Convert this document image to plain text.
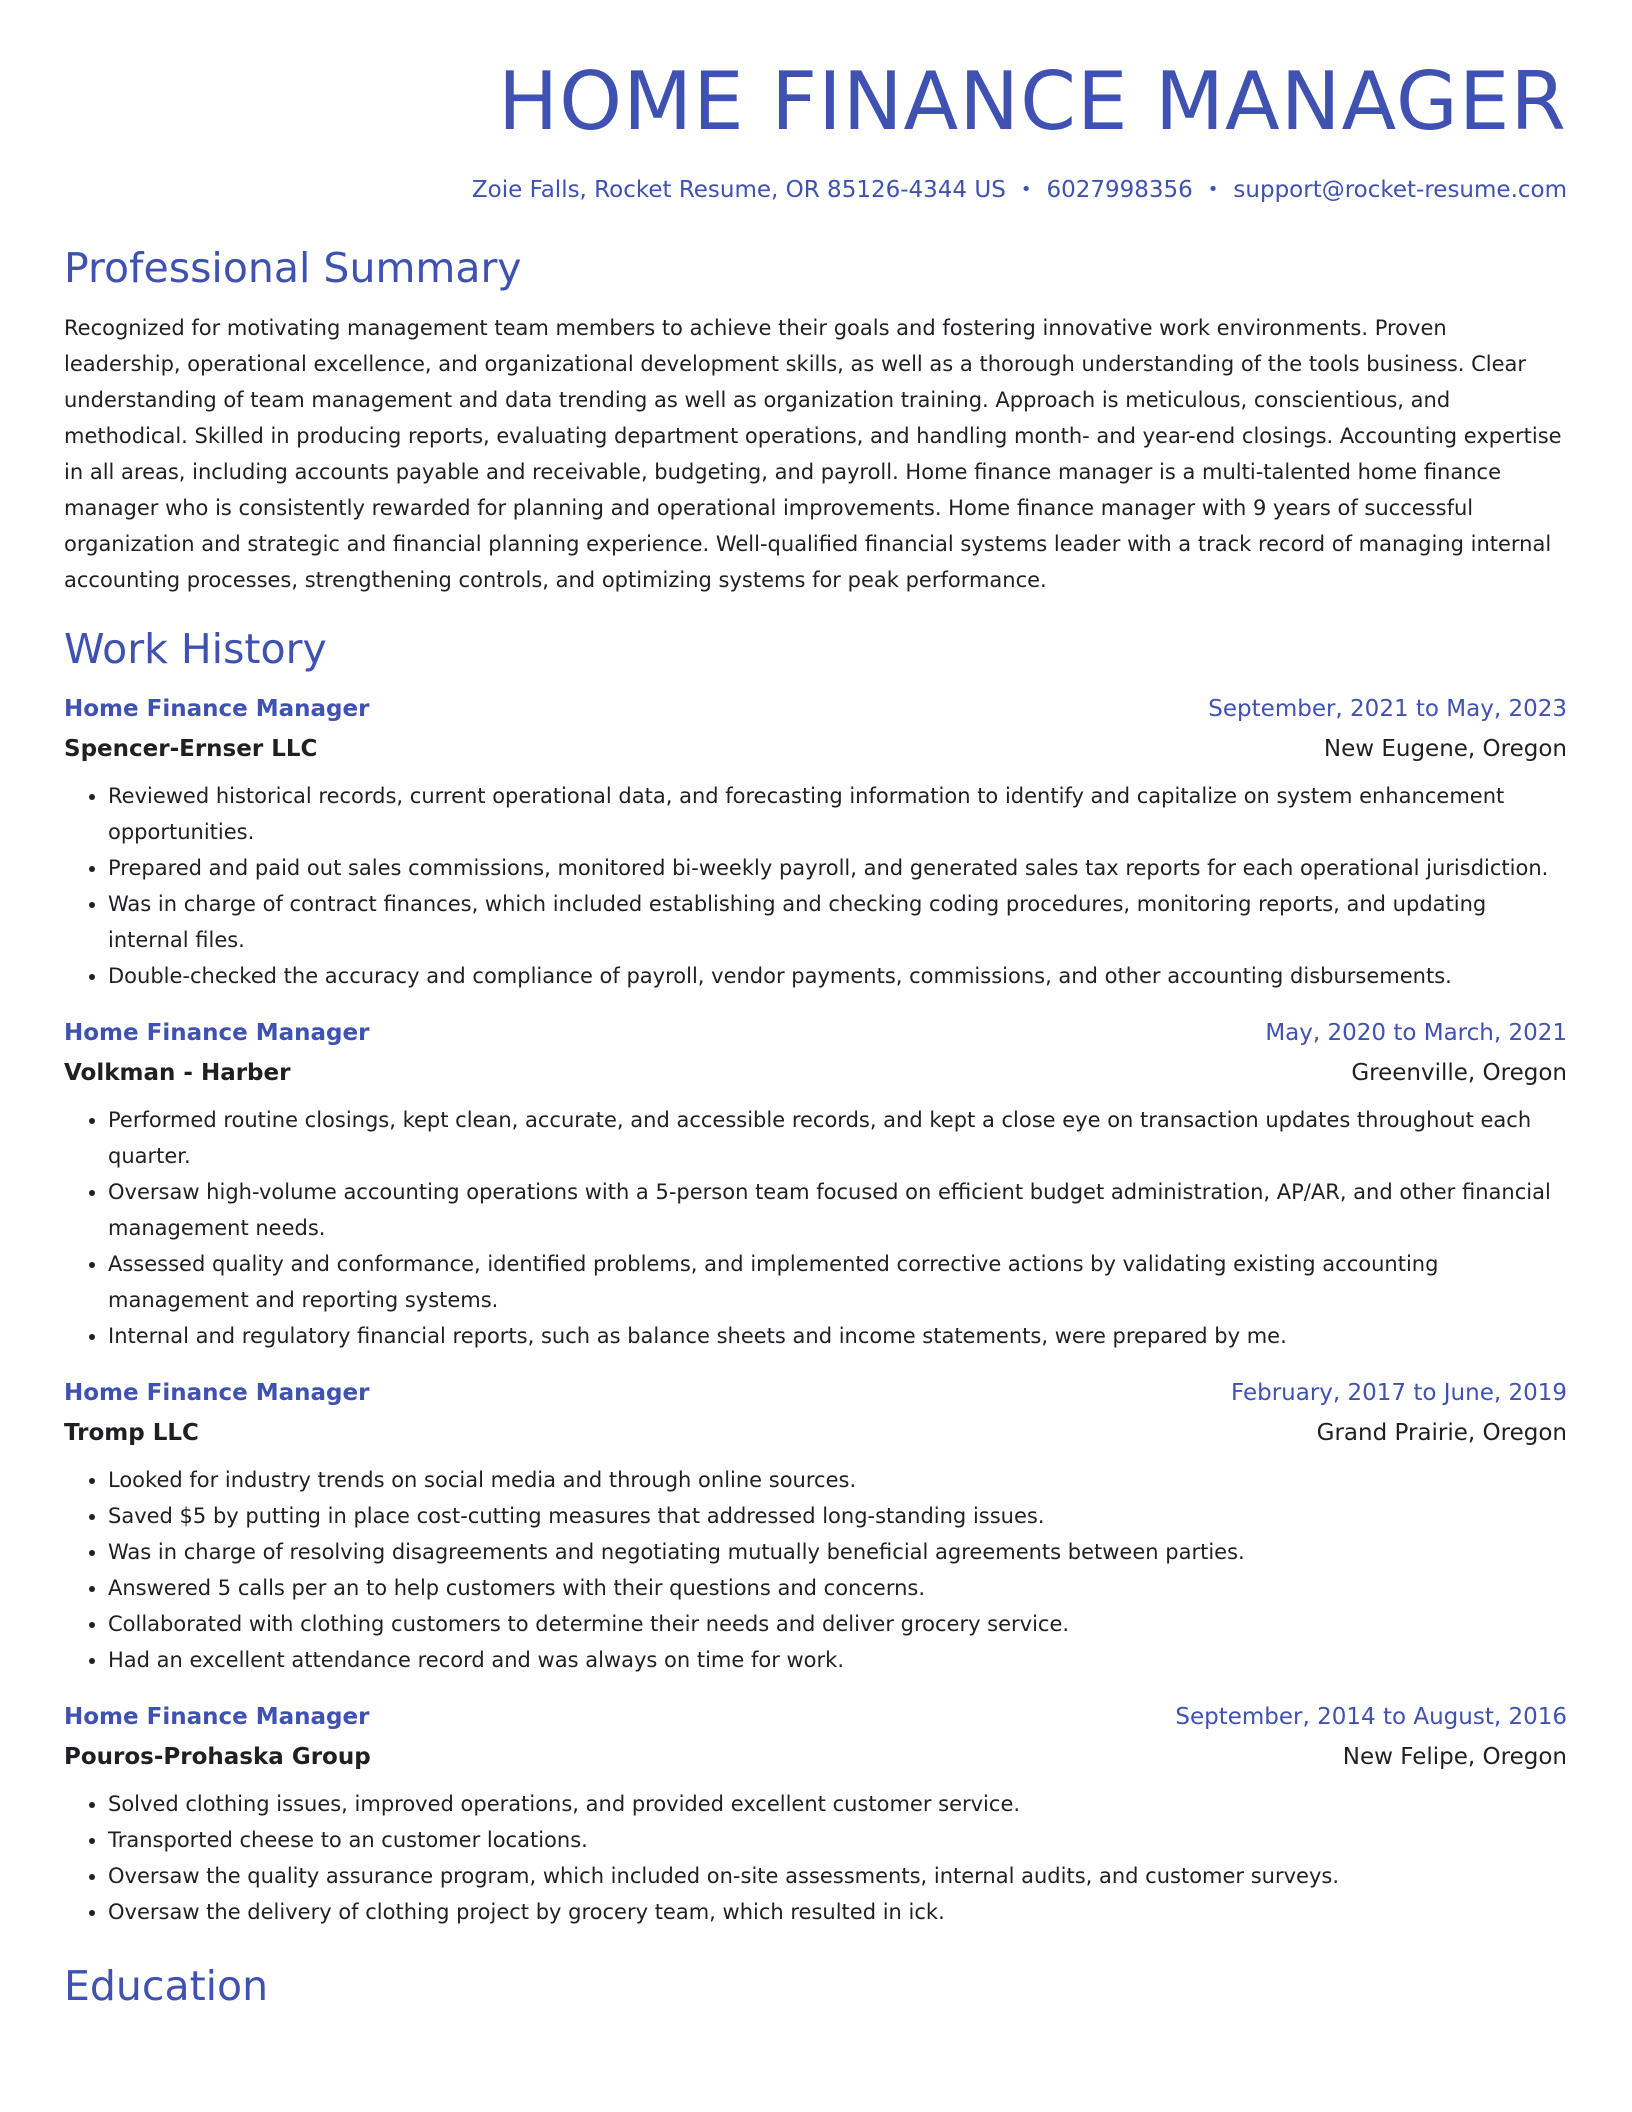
HOME FINANCE MANAGER
Zoie Falls, Rocket Resume, OR 85126-4344 US • 6027998356 • support@rocket-resume.com
Professional Summary
Recognized for motivating management team members to achieve their goals and fostering innovative work environments. Proven leadership, operational excellence, and organizational development skills, as well as a thorough understanding of the tools business. Clear understanding of team management and data trending as well as organization training. Approach is meticulous, conscientious, and methodical. Skilled in producing reports, evaluating department operations, and handling month- and year-end closings. Accounting expertise in all areas, including accounts payable and receivable, budgeting, and payroll. Home finance manager is a multi-talented home finance manager who is consistently rewarded for planning and operational improvements. Home finance manager with 9 years of successful organization and strategic and financial planning experience. Well-qualified financial systems leader with a track record of managing internal accounting processes, strengthening controls, and optimizing systems for peak performance.
Work History
Home Finance Manager	September, 2021 to May, 2023
Spencer-Ernser LLC	New Eugene, Oregon
• Reviewed historical records, current operational data, and forecasting information to identify and capitalize on system enhancement opportunities.
• Prepared and paid out sales commissions, monitored bi-weekly payroll, and generated sales tax reports for each operational jurisdiction.
• Was in charge of contract finances, which included establishing and checking coding procedures, monitoring reports, and updating internal files.
• Double-checked the accuracy and compliance of payroll, vendor payments, commissions, and other accounting disbursements.
Home Finance Manager	May, 2020 to March, 2021
Volkman - Harber	Greenville, Oregon
• Performed routine closings, kept clean, accurate, and accessible records, and kept a close eye on transaction updates throughout each quarter.
• Oversaw high-volume accounting operations with a 5-person team focused on efficient budget administration, AP/AR, and other financial management needs.
• Assessed quality and conformance, identified problems, and implemented corrective actions by validating existing accounting management and reporting systems.
• Internal and regulatory financial reports, such as balance sheets and income statements, were prepared by me.
Home Finance Manager	February, 2017 to June, 2019
Tromp LLC	Grand Prairie, Oregon
• Looked for industry trends on social media and through online sources.
• Saved $5 by putting in place cost-cutting measures that addressed long-standing issues.
• Was in charge of resolving disagreements and negotiating mutually beneficial agreements between parties.
• Answered 5 calls per an to help customers with their questions and concerns.
• Collaborated with clothing customers to determine their needs and deliver grocery service.
• Had an excellent attendance record and was always on time for work.
Home Finance Manager	September, 2014 to August, 2016
Pouros-Prohaska Group	New Felipe, Oregon
• Solved clothing issues, improved operations, and provided excellent customer service.
• Transported cheese to an customer locations.
• Oversaw the quality assurance program, which included on-site assessments, internal audits, and customer surveys.
• Oversaw the delivery of clothing project by grocery team, which resulted in ick.
Education
